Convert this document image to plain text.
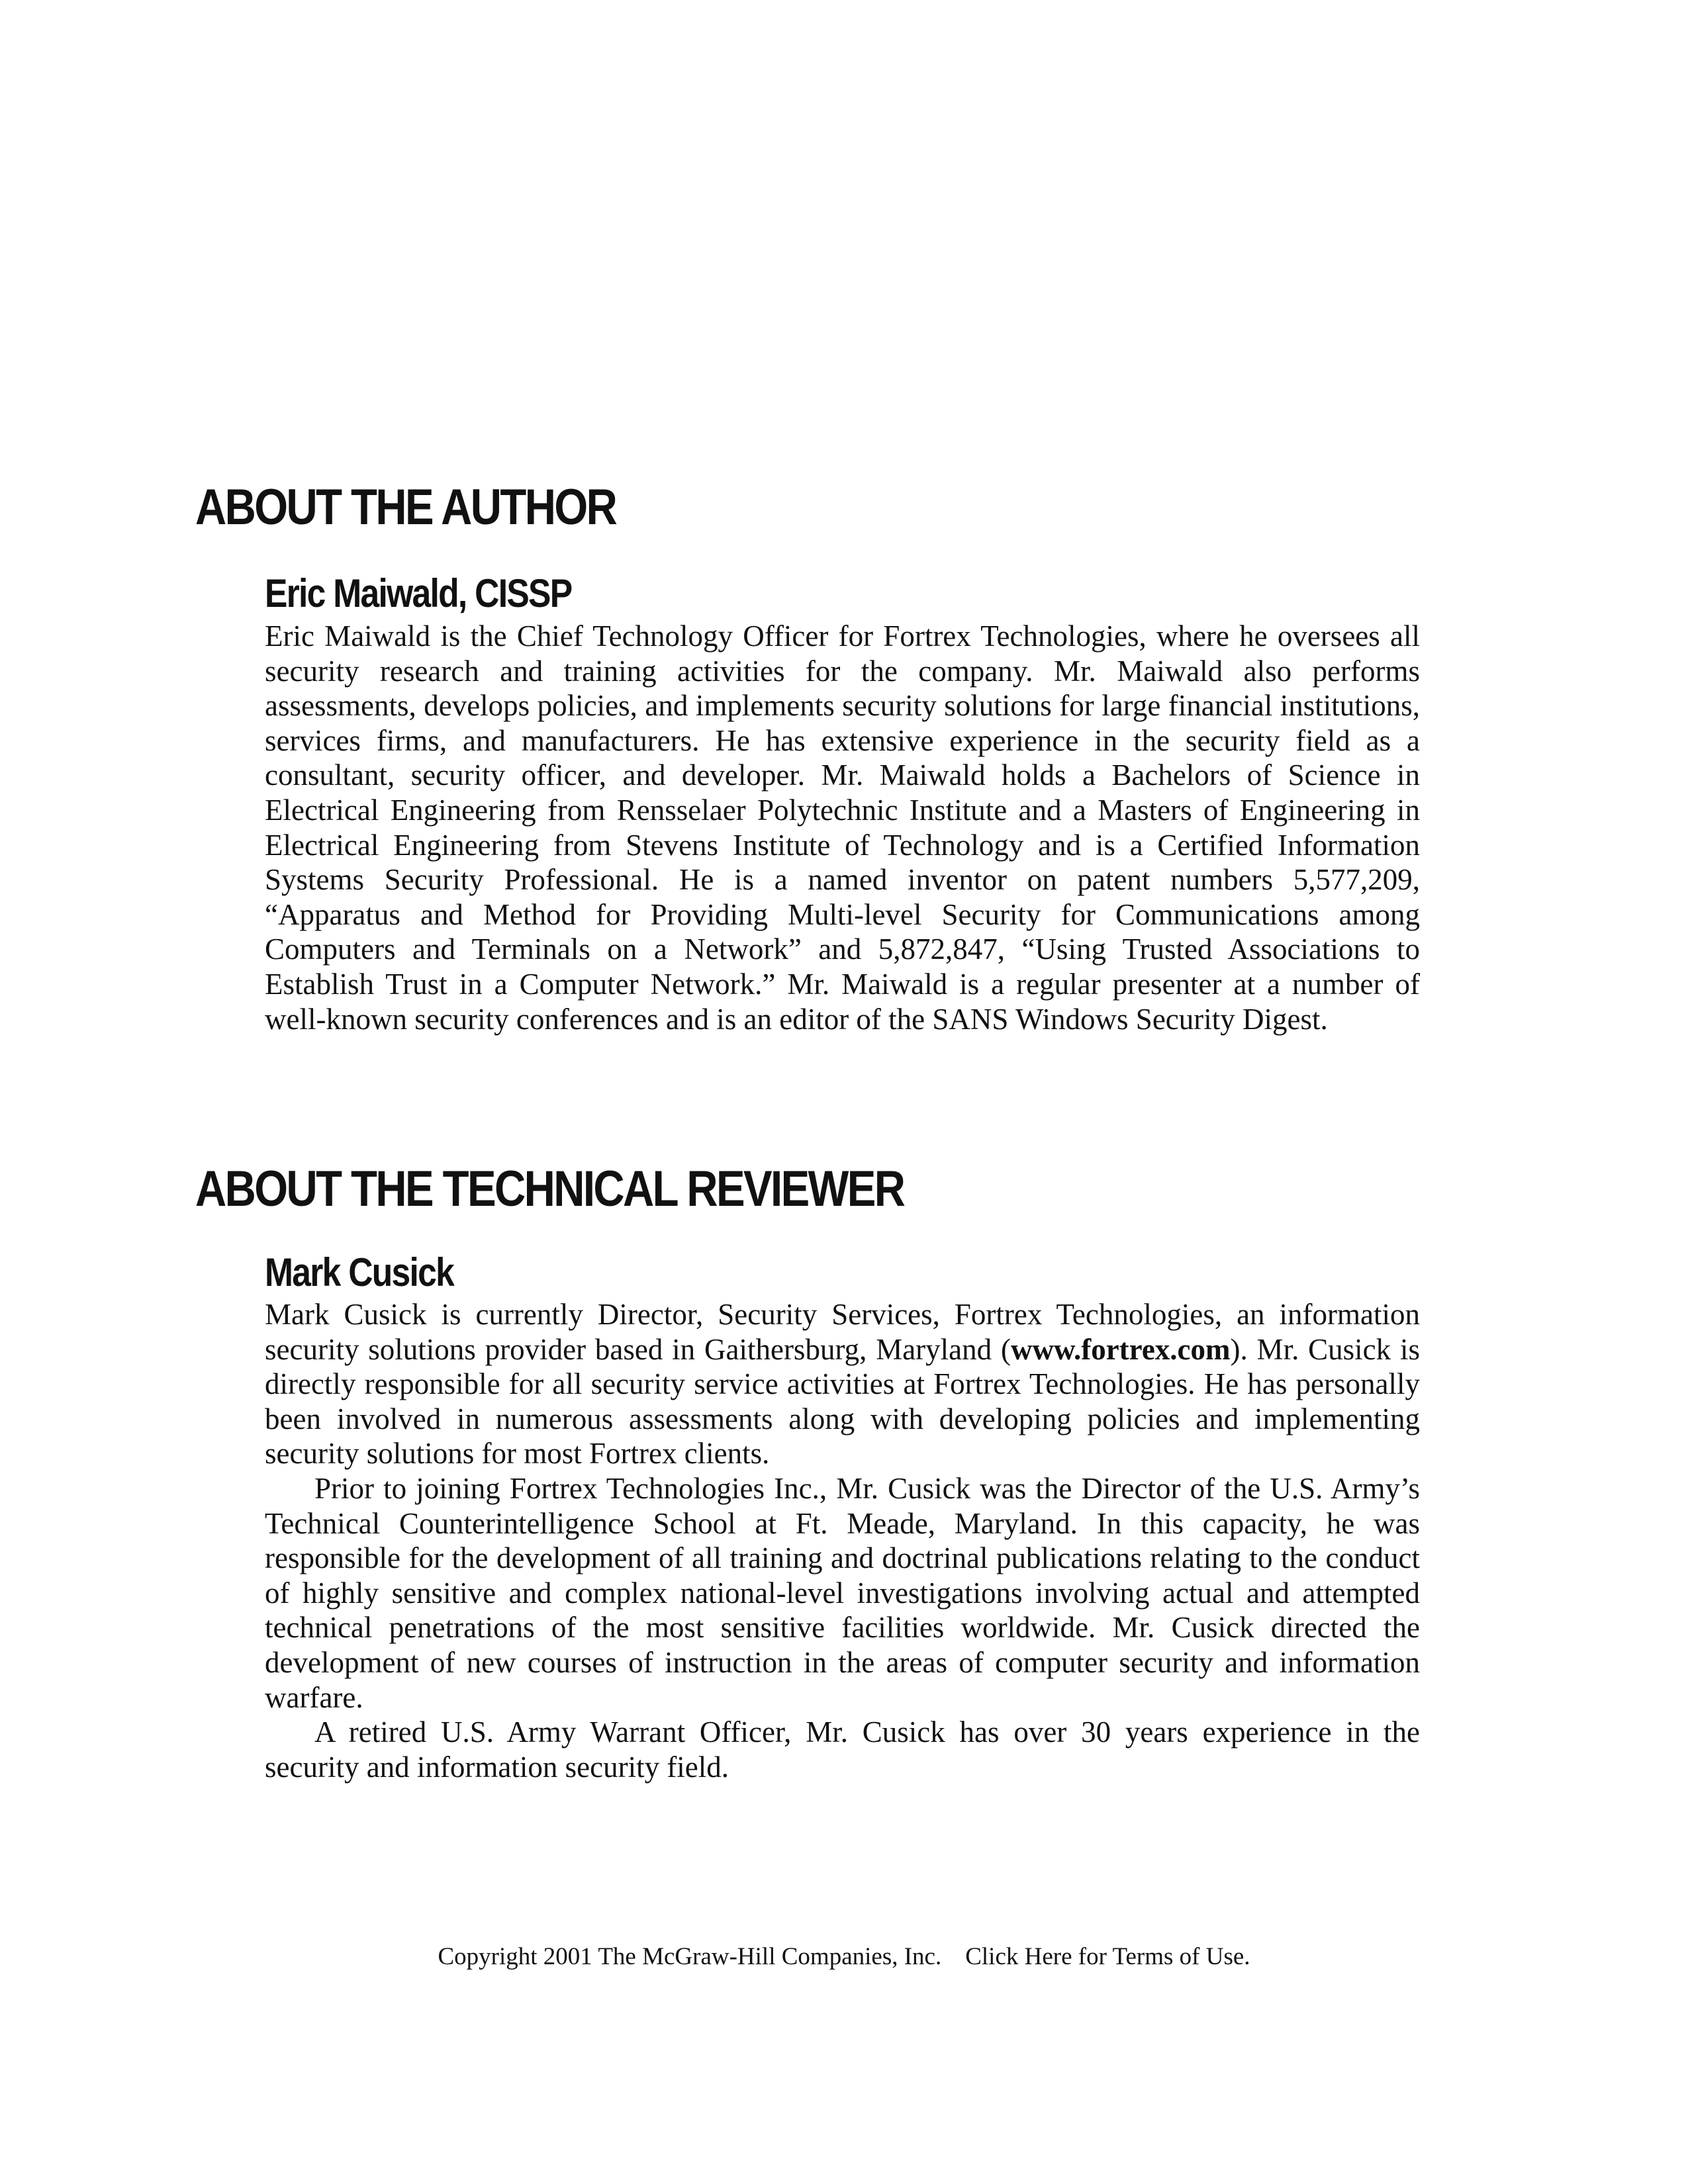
ABOUT THE AUTHOR
Eric Maiwald, CISSP

Eric Maiwald is the Chief Technology Officer for Fortrex Technologies, where he oversees all security research and training activities for the company. Mr. Maiwald also performs assessments, develops policies, and implements security solutions for large financial institutions, services firms, and manufacturers. He has extensive experience in the security field as a consultant, security officer, and developer. Mr. Maiwald holds a Bachelors of Science in Electrical Engineering from Rensselaer Polytechnic Institute and a Masters of Engineering in Electrical Engineering from Stevens Institute of Technology and is a Certified Information Systems Security Professional. He is a named inventor on patent numbers 5,577,209, “Apparatus and Method for Providing Multi-level Security for Communications among Computers and Terminals on a Network” and 5,872,847, “Using Trusted Associations to Establish Trust in a Computer Network.” Mr. Maiwald is a regular presenter at a number of well-known security conferences and is an editor of the SANS Windows Security Digest.

ABOUT THE TECHNICAL REVIEWER
Mark Cusick

Mark Cusick is currently Director, Security Services, Fortrex Technologies, an information security solutions provider based in Gaithersburg, Maryland (www.fortrex.com). Mr. Cusick is directly responsible for all security service activities at Fortrex Technologies. He has personally been involved in numerous assessments along with developing policies and implementing security solutions for most Fortrex clients.

Prior to joining Fortrex Technologies Inc., Mr. Cusick was the Director of the U.S. Army’s Technical Counterintelligence School at Ft. Meade, Maryland. In this capacity, he was responsible for the development of all training and doctrinal publications relating to the conduct of highly sensitive and complex national-level investigations involving actual and attempted technical penetrations of the most sensitive facilities worldwide. Mr. Cusick directed the development of new courses of instruction in the areas of computer security and information warfare.

A retired U.S. Army Warrant Officer, Mr. Cusick has over 30 years experience in the security and information security field.

Copyright 2001 The McGraw-Hill Companies, Inc. Click Here for Terms of Use.
